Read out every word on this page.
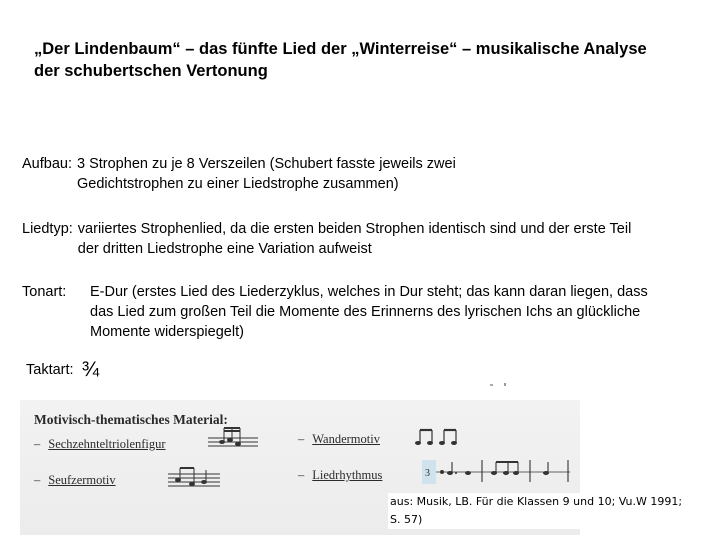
„Der Lindenbaum“ – das fünfte Lied der „Winterreise“ – musikalische Analyse der schubertschen Vertonung
Aufbau: 3 Strophen zu je 8 Verszeilen (Schubert fasste jeweils zwei Gedichtstrophen zu einer Liedstrophe zusammen)
Liedtyp: variiertes Strophenlied, da die ersten beiden Strophen identisch sind und der erste Teil der dritten Liedstrophe eine Variation aufweist
Tonart:	E-Dur (erstes Lied des Liederzyklus, welches in Dur steht; das kann daran liegen, dass das Lied zum großen Teil die Momente des Erinnerns des lyrischen Ichs an glückliche Momente widerspiegelt)
Taktart: ¾
Motivisch-thematisches Material:
– Sechzehnteltriolenfigur
– Seufzermotiv
– Wandermotiv
– Liedrhythmus	3
aus: Musik, LB. Für die Klassen 9 und 10; Vu.W 1991;
S. 57)
